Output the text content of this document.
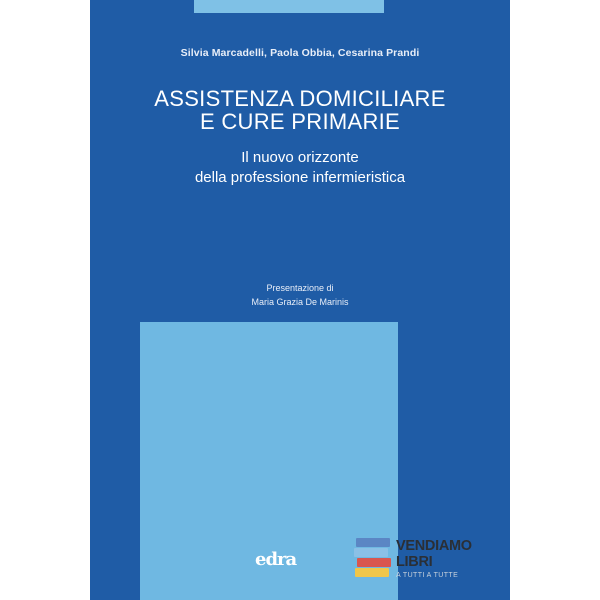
Silvia Marcadelli, Paola Obbia, Cesarina Prandi
ASSISTENZA DOMICILIARE
E CURE PRIMARIE
Il nuovo orizzonte
della professione infermieristica
Presentazione di
Maria Grazia De Marinis
edra
VENDIAMO
LIBRI
A TUTTI A TUTTE
